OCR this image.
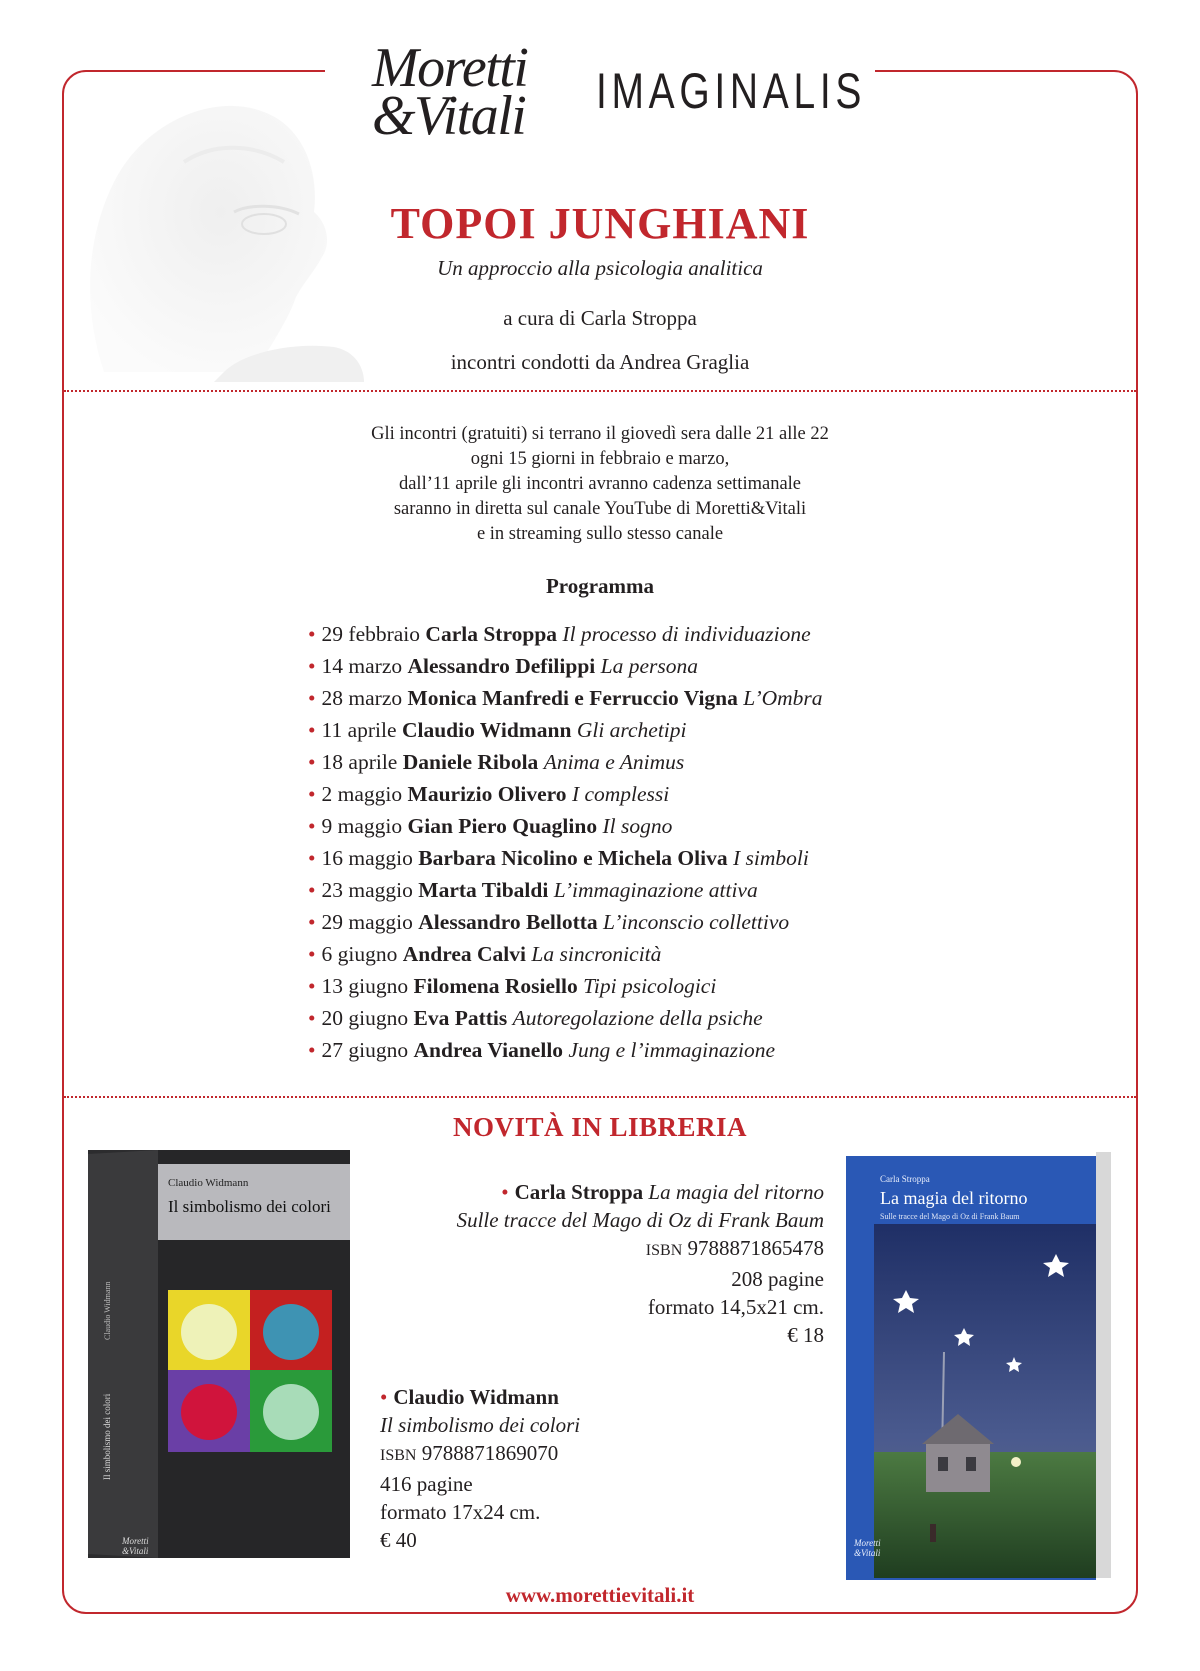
Moretti
&Vitali	IMAGINALIS
TOPOI JUNGHIANI
Un approccio alla psicologia analitica
a cura di Carla Stroppa
incontri condotti da Andrea Graglia
Gli incontri (gratuiti) si terrano il giovedì sera dalle 21 alle 22
ogni 15 giorni in febbraio e marzo,
dall’11 aprile gli incontri avranno cadenza settimanale
saranno in diretta sul canale YouTube di Moretti&Vitali
e in streaming sullo stesso canale
Programma
• 29 febbraio Carla Stroppa Il processo di individuazione
• 14 marzo Alessandro Defilippi La persona
• 28 marzo Monica Manfredi e Ferruccio Vigna L’Ombra
• 11 aprile Claudio Widmann Gli archetipi
• 18 aprile Daniele Ribola Anima e Animus
• 2 maggio Maurizio Olivero I complessi
• 9 maggio Gian Piero Quaglino Il sogno
• 16 maggio Barbara Nicolino e Michela Oliva I simboli
• 23 maggio Marta Tibaldi L’immaginazione attiva
• 29 maggio Alessandro Bellotta L’inconscio collettivo
• 6 giugno Andrea Calvi La sincronicità
• 13 giugno Filomena Rosiello Tipi psicologici
• 20 giugno Eva Pattis Autoregolazione della psiche
• 27 giugno Andrea Vianello Jung e l’immaginazione
NOVITÀ IN LIBRERIA
• Carla Stroppa La magia del ritorno
Sulle tracce del Mago di Oz di Frank Baum
ISBN 9788871865478
208 pagine
formato 14,5x21 cm.
€ 18
• Claudio Widmann
Il simbolismo dei colori
ISBN 9788871869070
416 pagine
formato 17x24 cm.
€ 40
Claudio Widmann
Il simbolismo dei colori
Il simbolismo dei colori
Claudio Widmann
Moretti
&Vitali
Carla Stroppa
La magia del ritorno
Sulle tracce del Mago di Oz di Frank Baum
Moretti
&Vitali
www.morettievitali.it
